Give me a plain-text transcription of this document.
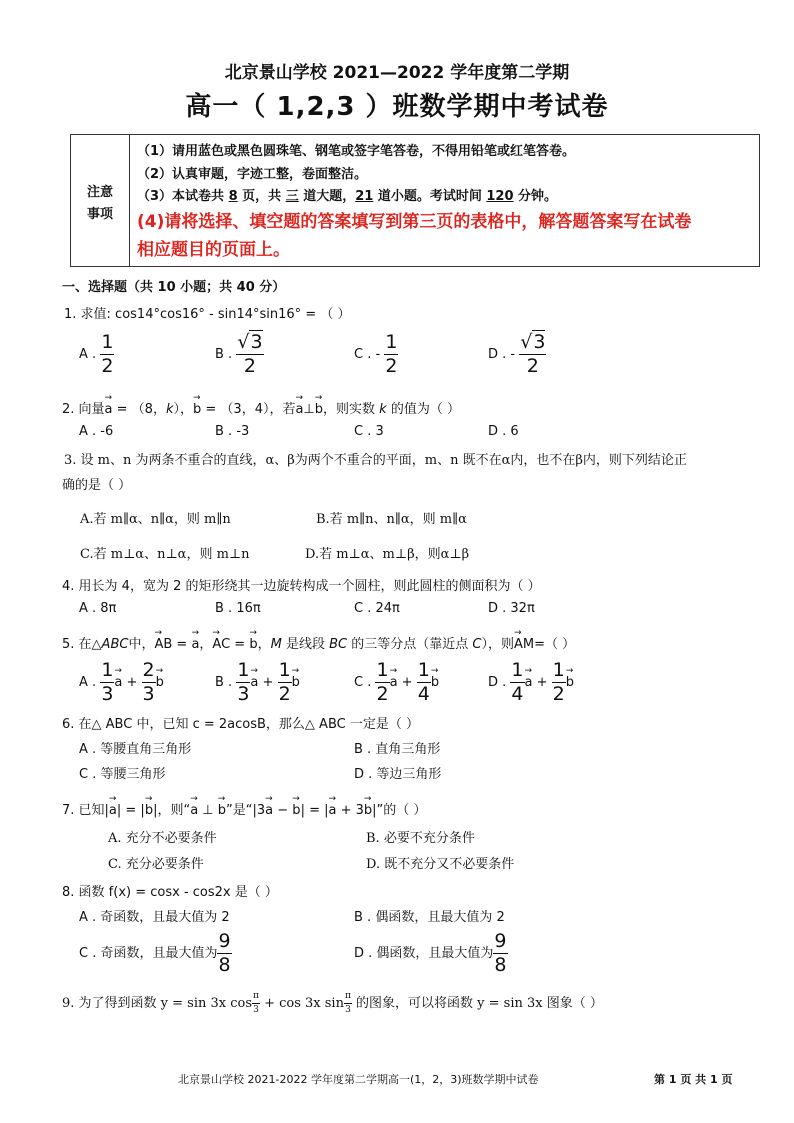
北京景山学校 2021—2022 学年度第二学期
高一（ 1,2,3 ）班数学期中考试卷
注意
事项
（1）请用蓝色或黑色圆珠笔、钢笔或签字笔答卷，不得用铅笔或红笔答卷。
（2）认真审题，字迹工整，卷面整洁。
（3）本试卷共 8 页，共 三 道大题，21 道小题。考试时间 120 分钟。
(4)请将选择、填空题的答案填写到第三页的表格中，解答题答案写在试卷
相应题目的页面上。
一、选择题（共 10 小题；共 40 分）
1. 求值: cos14°cos16° - sin14°sin16° = （ ）
A . $\frac{1}{2}$	B . $\frac{√3}{2}$	C . - $\frac{1}{2}$	D . - $\frac{√3}{2}$
2. 向量→ a = （8，k），→ b = （3，4），若→ a⊥→ b，则实数 k 的值为（ ）
A . -6	B . -3	C . 3	D . 6
3. 设 m、n 为两条不重合的直线，α、β为两个不重合的平面，m、n 既不在α内，也不在β内，则下列结论正
确的是（ ）
A.若 m∥α、n∥α，则 m∥n	B.若 m∥n、n∥α，则 m∥α
C.若 m⊥α、n⊥α，则 m⊥n	D.若 m⊥α、m⊥β，则α⊥β
4. 用长为 4，宽为 2 的矩形绕其一边旋转构成一个圆柱，则此圆柱的侧面积为（ ）
A . 8π	B . 16π	C . 24π	D . 32π
5. 在△ABC中，→ AB = → a，→ AC = → b，M 是线段 BC 的三等分点（靠近点 C），则→ AM=（ ）
A . $\frac{1}{3}$
→ $a + \frac{2}{3}$
→ b	B . $\frac{1}{3}$
→ $a + \frac{1}{2}$
→ b	C . $\frac{1}{2}$
→ $a + \frac{1}{4}$
→ b	D . $\frac{1}{4}$
→ $a + \frac{1}{2}$
→ b
6. 在△ ABC 中，已知 c = 2acosB，那么△ ABC 一定是（ ）
A . 等腰直角三角形	B . 直角三角形
C . 等腰三角形	D . 等边三角形
7. 已知|→ a| = |→ b|，则“→ a ⊥ → b”是“|3→ a − → b| = |→ a + 3→ b|”的（ ）
A. 充分不必要条件	B. 必要不充分条件
C. 充分必要条件	D. 既不充分又不必要条件
8. 函数 f(x) = cosx - cos2x 是（ ）
A . 奇函数，且最大值为 2	B . 偶函数，且最大值为 2
C . 奇函数，且最大值为 $\frac{9}{8}$	D . 偶函数，且最大值为 $\frac{9}{8}$
9. 为了得到函数 y = sin 3x $\cos \frac{\pi}{3} + \cos 3x$ $\sin \frac{\pi}{3}$ 的图象，可以将函数 y = sin 3x 图象（ ）
北京景山学校 2021-2022 学年度第二学期高一(1，2，3)班数学期中试卷	第 1 页 共 1 页
